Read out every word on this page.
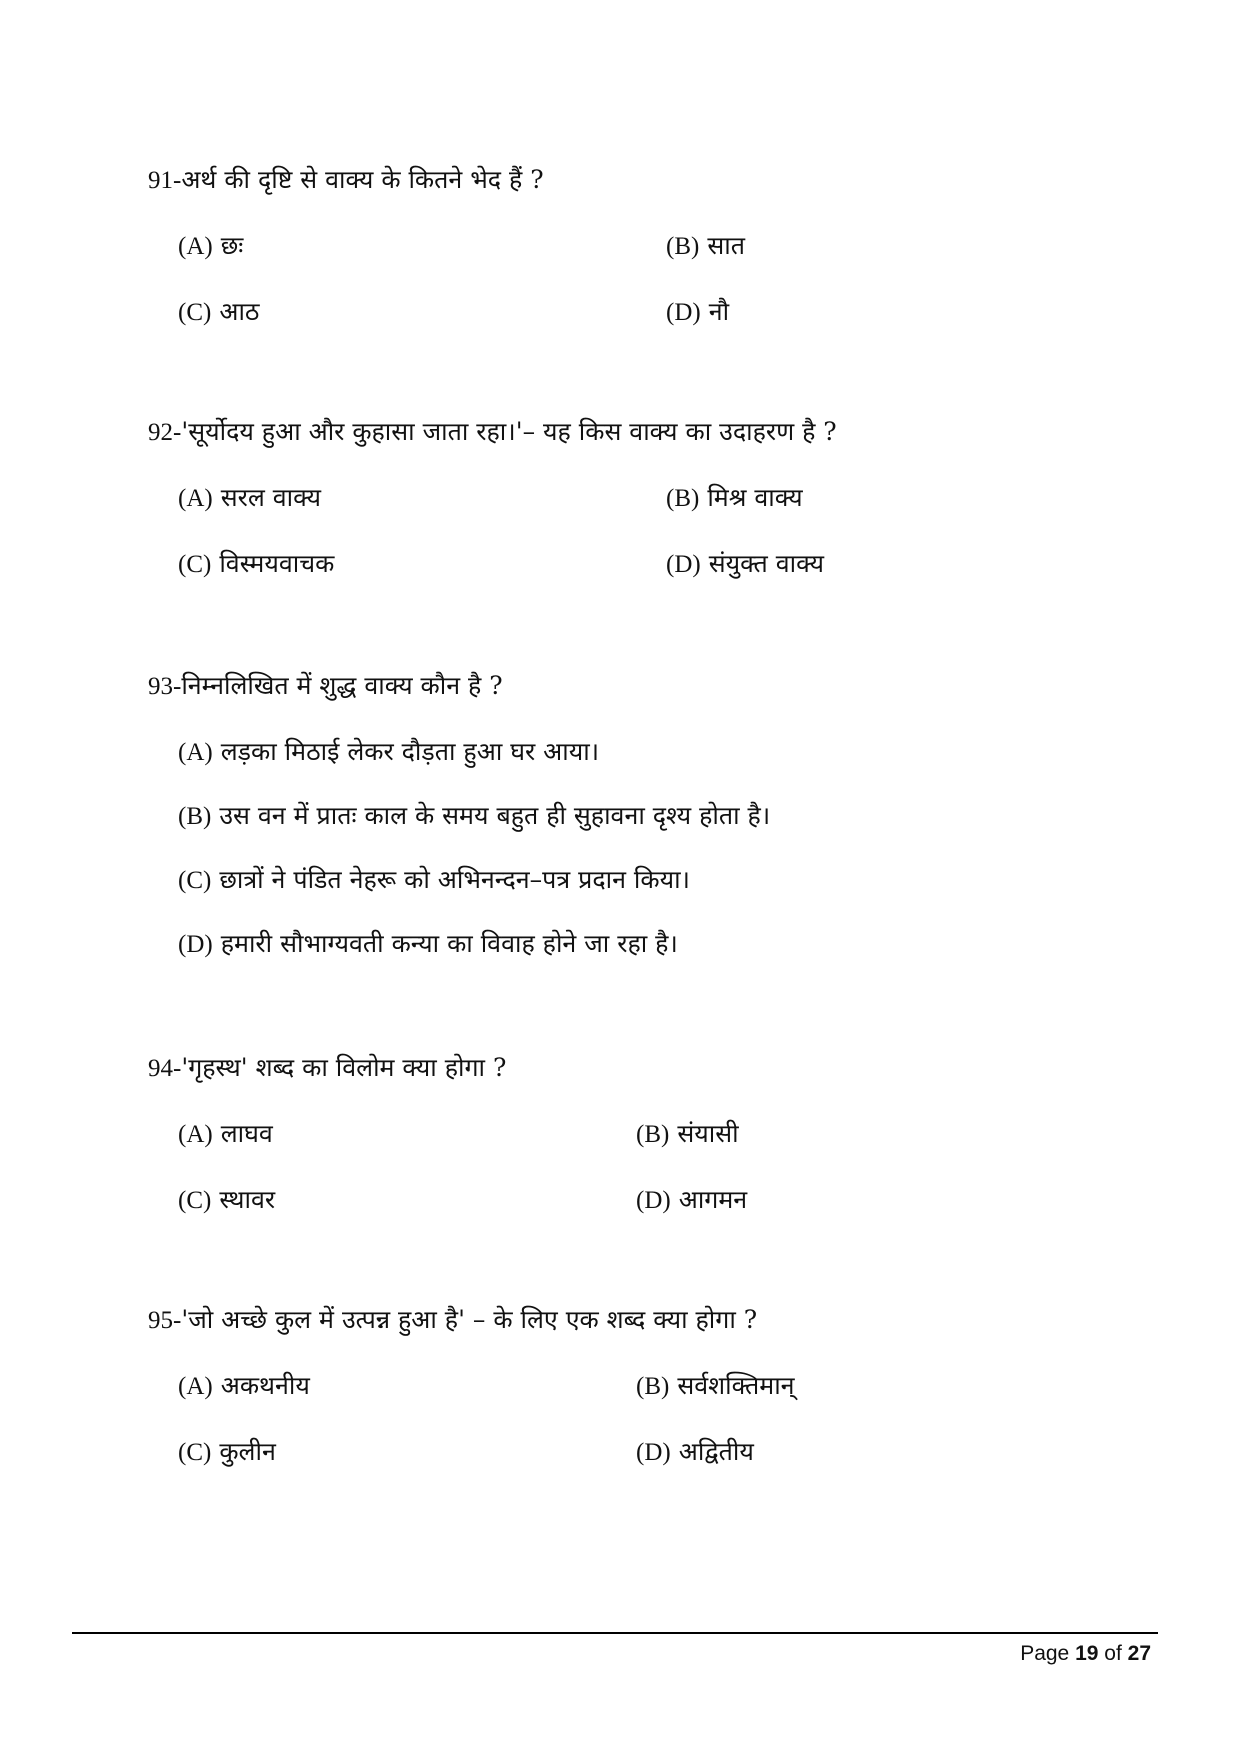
91-अर्थ की दृष्टि से वाक्य के कितने भेद हैं ?
(A) छः	(B) सात
(C) आठ	(D) नौ
92-'सूर्योदय हुआ और कुहासा जाता रहा।'– यह किस वाक्य का उदाहरण है ?
(A) सरल वाक्य	(B) मिश्र वाक्य
(C) विस्मयवाचक	(D) संयुक्त वाक्य
93-निम्नलिखित में शुद्ध वाक्य कौन है ?
(A) लड़का मिठाई लेकर दौड़ता हुआ घर आया।
(B) उस वन में प्रातः काल के समय बहुत ही सुहावना दृश्य होता है।
(C) छात्रों ने पंडित नेहरू को अभिनन्दन–पत्र प्रदान किया।
(D) हमारी सौभाग्यवती कन्या का विवाह होने जा रहा है।
94-'गृहस्थ' शब्द का विलोम क्या होगा ?
(A) लाघव	(B) संयासी
(C) स्थावर	(D) आगमन
95-'जो अच्छे कुल में उत्पन्न हुआ है' – के लिए एक शब्द क्या होगा ?
(A) अकथनीय	(B) सर्वशक्तिमान्
(C) कुलीन	(D) अद्वितीय
Page 19 of 27
